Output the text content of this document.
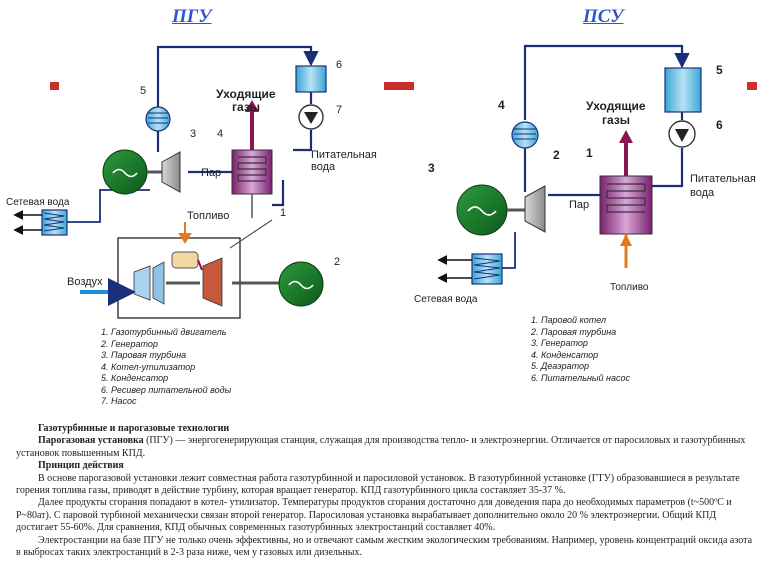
ПГУ	ПСУ
Сетевая вода
Уходящие
газы
Питательная
вода
Пар
Топливо
Воздух
1
2
3 4
5
6
7	Уходящие
газы
Питательная
вода
Пар
Топливо
Сетевая вода
1
2
3
4
5
6
1. Газотурбинный двигатель
2. Генератор
3. Паровая турбина
4. Котел-утилизатор
5. Конденсатор
6. Ресивер питательной воды
7. Насос
1. Паровой котел
2. Паровая турбина
3. Генератор
4. Конденсатор
5. Деаэратор
6. Питательный насос

Газотурбинные и парогазовые технологии

Парогазовая установка (ПГУ) — энергогенерирующая станция, служащая для производства тепло- и электроэнергии. Отличается от паросиловых и газотурбинных установок повышенным КПД.

Принцип действия

В основе парогазовой установки лежит совместная работа газотурбинной и паросиловой установок. В газотурбинной установке (ГТУ) образовавшиеся в результате горения топлива газы, приводят в действие турбину, которая вращает генератор. КПД газотурбинного цикла составляет 35-37 %.

Далее продукты сгорания попадают в котел- утилизатор. Температуры продуктов сгорания достаточно для доведения пара до необходимых параметров (t~500ºС и Р~80ат). С паровой турбиной механически связан второй генератор. Паросиловая установка вырабатывает дополнительно около 20 % электроэнергии. Общий КПД достигает 55-60%. Для сравнения, КПД обычных современных газотурбинных электростанций составляет 40%.

Электростанции на базе ПГУ не только очень эффективны, но и отвечают самым жестким экологическим требованиям. Например, уровень концентраций оксида азота в выбросах таких электростанций в 2-3 раза ниже, чем у газовых или дизельных.
